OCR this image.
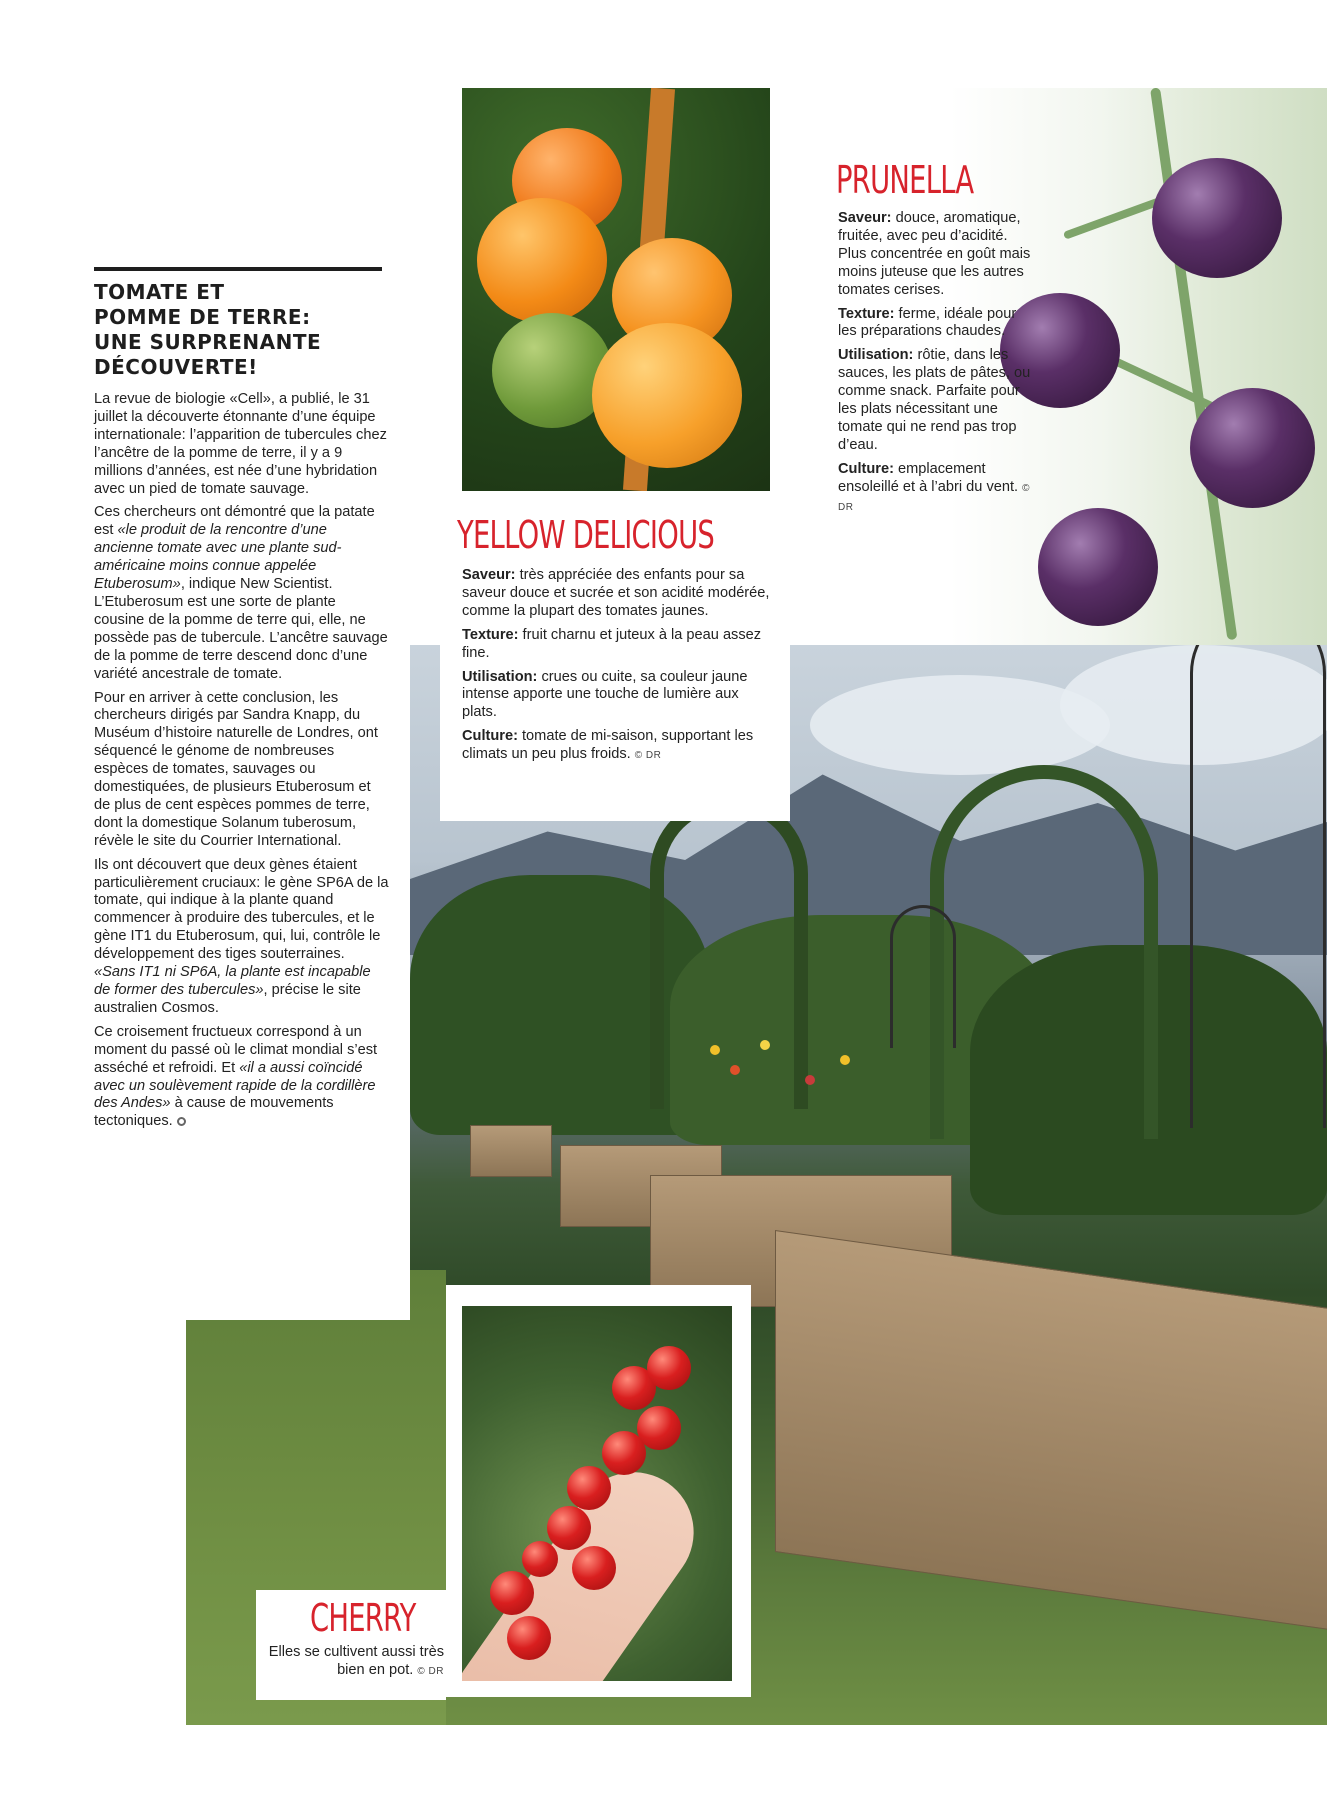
TOMATE ET
POMME DE TERRE:
UNE SURPRENANTE
DÉCOUVERTE!

La revue de biologie «Cell», a publié, le 31 juillet la découverte étonnante d’une équipe internationale: l’apparition de tubercules chez l’ancêtre de la pomme de terre, il y a 9 millions d’années, est née d’une hybridation avec un pied de tomate sauvage.

Ces chercheurs ont démontré que la patate est «le produit de la rencontre d’une ancienne tomate avec une plante sud-américaine moins connue appelée Etuberosum», indique New Scientist. L’Etuberosum est une sorte de plante cousine de la pomme de terre qui, elle, ne possède pas de tubercule. L’ancêtre sauvage de la pomme de terre descend donc d’une variété ancestrale de tomate.

Pour en arriver à cette conclusion, les chercheurs dirigés par Sandra Knapp, du Muséum d’histoire naturelle de Londres, ont séquencé le génome de nombreuses espèces de tomates, sauvages ou domestiquées, de plusieurs Etuberosum et de plus de cent espèces pommes de terre, dont la domestique Solanum tuberosum, révèle le site du Courrier International.

Ils ont découvert que deux gènes étaient particulièrement cruciaux: le gène SP6A de la tomate, qui indique à la plante quand commencer à produire des tubercules, et le gène IT1 du Etuberosum, qui, lui, contrôle le développement des tiges souterraines. «Sans IT1 ni SP6A, la plante est incapable de former des tubercules», précise le site australien Cosmos.

Ce croisement fructueux correspond à un moment du passé où le climat mondial s’est asséché et refroidi. Et «il a aussi coïncidé avec un soulèvement rapide de la cordillère des Andes» à cause de mouvements tectoniques.

YELLOW DELICIOUS

Saveur: très appréciée des enfants pour sa saveur douce et sucrée et son acidité modérée, comme la plupart des tomates jaunes.

Texture: fruit charnu et juteux à la peau assez fine.

Utilisation: crues ou cuite, sa couleur jaune intense apporte une touche de lumière aux plats.

Culture: tomate de mi-saison, supportant les climats un peu plus froids. © DR

PRUNELLA

Saveur: douce, aromatique, fruitée, avec peu d’acidité. Plus concentrée en goût mais moins juteuse que les autres tomates cerises.

Texture: ferme, idéale pour les préparations chaudes.

Utilisation: rôtie, dans les sauces, les plats de pâtes, ou comme snack. Parfaite pour les plats nécessitant une tomate qui ne rend pas trop d’eau.

Culture: emplacement ensoleillé et à l’abri du vent. © DR

CHERRY
Elles se cultivent aussi très bien en pot. © DR
